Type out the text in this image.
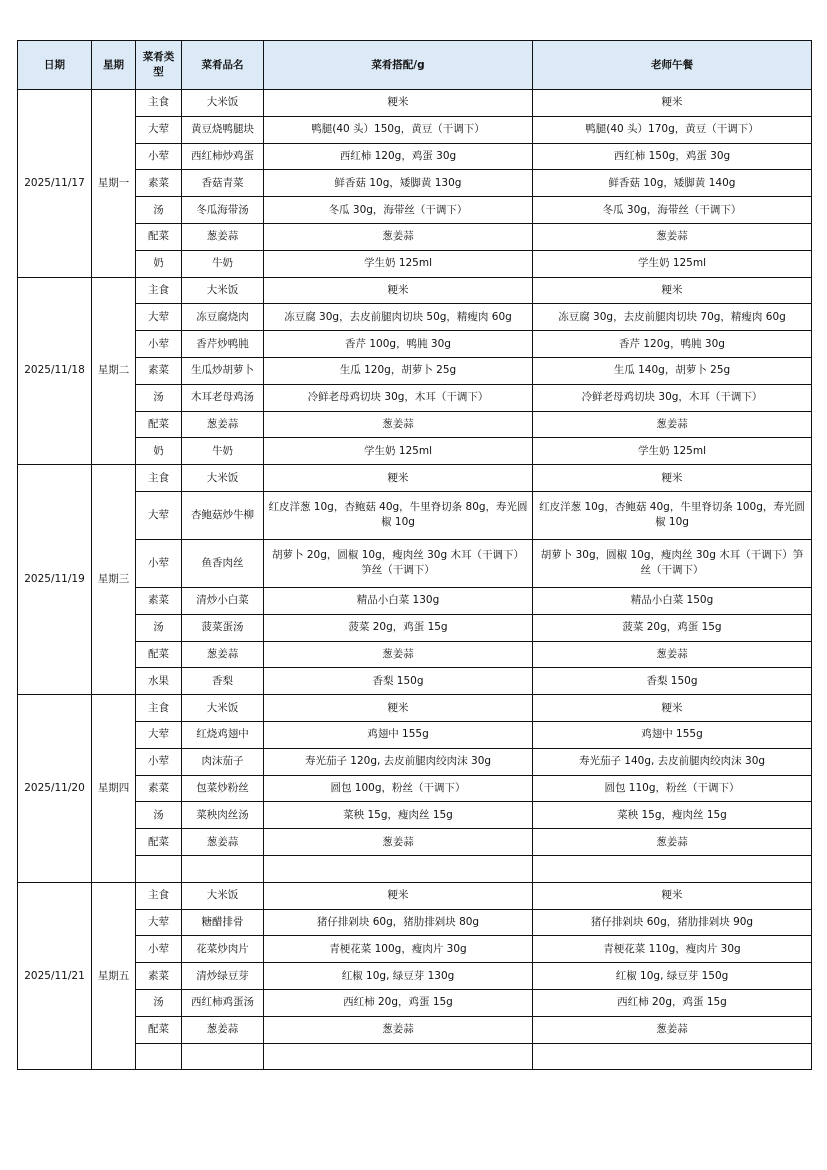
日期	星期	菜肴类型	菜肴品名	菜肴搭配/g	老师午餐
2025/11/17	星期一	主食	大米饭	粳米	粳米
		大荤	黄豆烧鸭腿块	鸭腿(40 头）150g，黄豆（干调下）	鸭腿(40 头）170g，黄豆（干调下）
		小荤	西红柿炒鸡蛋	西红柿 120g，鸡蛋 30g	西红柿 150g，鸡蛋 30g
		素菜	香菇青菜	鲜香菇 10g，矮脚黄 130g	鲜香菇 10g，矮脚黄 140g
		汤	冬瓜海带汤	冬瓜 30g，海带丝（干调下）	冬瓜 30g，海带丝（干调下）
		配菜	葱姜蒜	葱姜蒜	葱姜蒜
		奶	牛奶	学生奶 125ml	学生奶 125ml
2025/11/18	星期二	主食	大米饭	粳米	粳米
		大荤	冻豆腐烧肉	冻豆腐 30g，去皮前腿肉切块 50g，精瘦肉 60g	冻豆腐 30g，去皮前腿肉切块 70g，精瘦肉 60g
		小荤	香芹炒鸭肫	香芹 100g，鸭肫 30g	香芹 120g，鸭肫 30g
		素菜	生瓜炒胡萝卜	生瓜 120g，胡萝卜 25g	生瓜 140g，胡萝卜 25g
		汤	木耳老母鸡汤	冷鲜老母鸡切块 30g，木耳（干调下）	冷鲜老母鸡切块 30g，木耳（干调下）
		配菜	葱姜蒜	葱姜蒜	葱姜蒜
		奶	牛奶	学生奶 125ml	学生奶 125ml
2025/11/19	星期三	主食	大米饭	粳米	粳米
		大荤	杏鲍菇炒牛柳	红皮洋葱 10g，杏鲍菇 40g，牛里脊切条 80g，寿光圆椒 10g	红皮洋葱 10g，杏鲍菇 40g，牛里脊切条 100g，寿光圆椒 10g
		小荤	鱼香肉丝	胡萝卜 20g，圆椒 10g，瘦肉丝 30g 木耳（干调下）笋丝（干调下）	胡萝卜 30g，圆椒 10g，瘦肉丝 30g 木耳（干调下）笋丝（干调下）
		素菜	清炒小白菜	精品小白菜 130g	精品小白菜 150g
		汤	菠菜蛋汤	菠菜 20g，鸡蛋 15g	菠菜 20g，鸡蛋 15g
		配菜	葱姜蒜	葱姜蒜	葱姜蒜
		水果	香梨	香梨 150g	香梨 150g
2025/11/20	星期四	主食	大米饭	粳米	粳米
		大荤	红烧鸡翅中	鸡翅中 155g	鸡翅中 155g
		小荤	肉沫茄子	寿光茄子 120g, 去皮前腿肉绞肉沫 30g	寿光茄子 140g, 去皮前腿肉绞肉沫 30g
		素菜	包菜炒粉丝	圆包 100g，粉丝（干调下）	圆包 110g，粉丝（干调下）
		汤	菜秧肉丝汤	菜秧 15g，瘦肉丝 15g	菜秧 15g，瘦肉丝 15g
		配菜	葱姜蒜	葱姜蒜	葱姜蒜

2025/11/21	星期五	主食	大米饭	粳米	粳米
		大荤	糖醋排骨	猪仔排剁块 60g，猪肋排剁块 80g	猪仔排剁块 60g，猪肋排剁块 90g
		小荤	花菜炒肉片	青梗花菜 100g，瘦肉片 30g	青梗花菜 110g，瘦肉片 30g
		素菜	清炒绿豆芽	红椒 10g, 绿豆芽 130g	红椒 10g, 绿豆芽 150g
		汤	西红柿鸡蛋汤	西红柿 20g，鸡蛋 15g	西红柿 20g，鸡蛋 15g
		配菜	葱姜蒜	葱姜蒜	葱姜蒜
